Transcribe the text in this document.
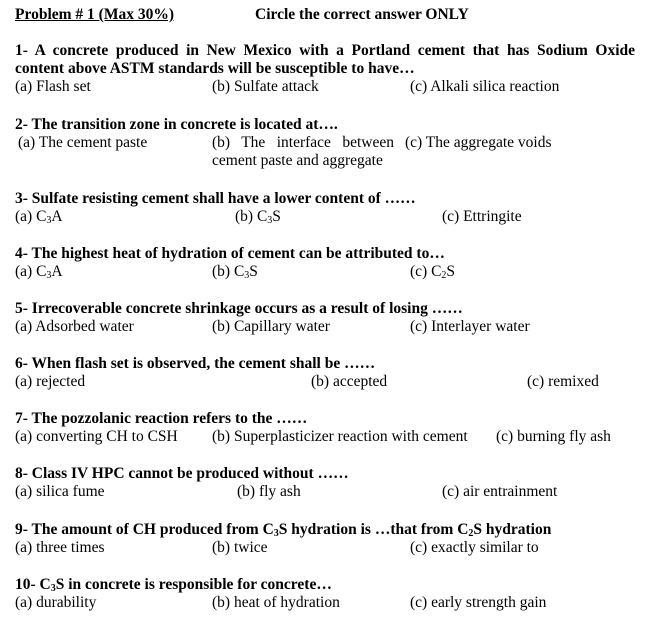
Problem # 1 (Max 30%)	Circle the correct answer ONLY
1- A concrete produced in New Mexico with a Portland cement that has Sodium Oxide content above ASTM standards will be susceptible to have…
(a) Flash set	(b) Sulfate attack	(c) Alkali silica reaction
2- The transition zone in concrete is located at….
(a) The cement paste	(b) The interface between cement paste and aggregate
(c) The aggregate voids
3- Sulfate resisting cement shall have a lower content of ……
(a) $C_3A$	(b) $C_3S$	(c) Ettringite
4- The highest heat of hydration of cement can be attributed to…
(a) $C_3A$	(b) $C_3S$	(c) $C_2S$
5- Irrecoverable concrete shrinkage occurs as a result of losing ……
(a) Adsorbed water	(b) Capillary water	(c) Interlayer water
6- When flash set is observed, the cement shall be ……
(a) rejected	(b) accepted	(c) remixed
7- The pozzolanic reaction refers to the ……
(a) converting CH to CSH (b) Superplasticizer reaction with cement (c) burning fly ash
8- Class IV HPC cannot be produced without ……
(a) silica fume	(b) fly ash	(c) air entrainment
9- The amount of CH produced from $C_3S$ hydration is …that from $C_2S$ hydration
(a) three times	(b) twice	(c) exactly similar to
10- $C_3S$ in concrete is responsible for concrete…
(a) durability	(b) heat of hydration	(c) early strength gain
